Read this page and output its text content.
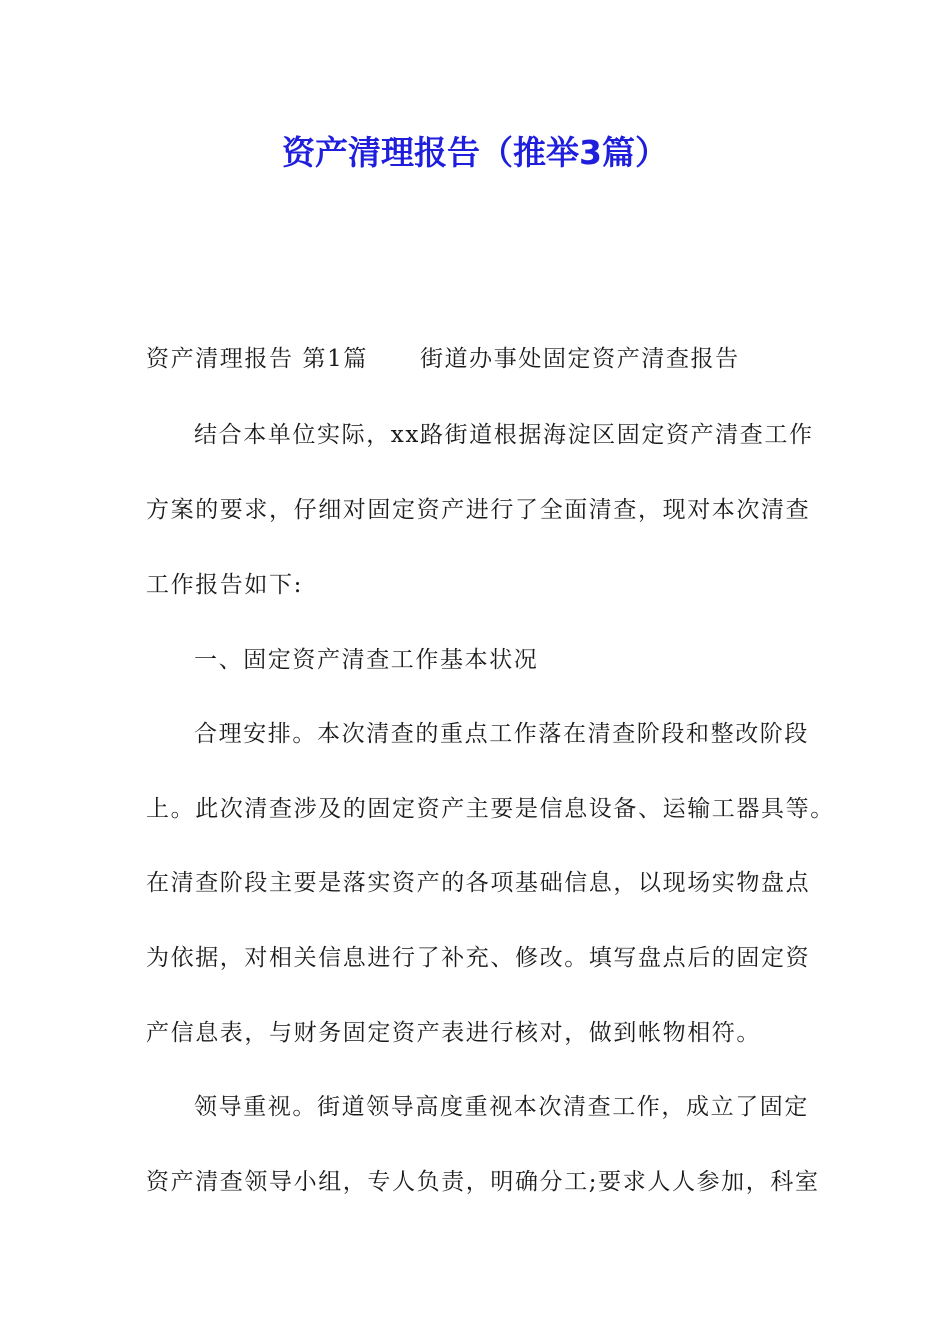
资产清理报告（推举3篇）
资产清理报告 第1篇 街道办事处固定资产清查报告
结合本单位实际，xx路街道根据海淀区固定资产清查工作
方案的要求，仔细对固定资产进行了全面清查，现对本次清查
工作报告如下:
一、固定资产清查工作基本状况
合理安排。本次清查的重点工作落在清查阶段和整改阶段
上。此次清查涉及的固定资产主要是信息设备、运输工器具等。
在清查阶段主要是落实资产的各项基础信息，以现场实物盘点
为依据，对相关信息进行了补充、修改。填写盘点后的固定资
产信息表，与财务固定资产表进行核对，做到帐物相符。
领导重视。街道领导高度重视本次清查工作，成立了固定
资产清查领导小组，专人负责，明确分工;要求人人参加，科室
